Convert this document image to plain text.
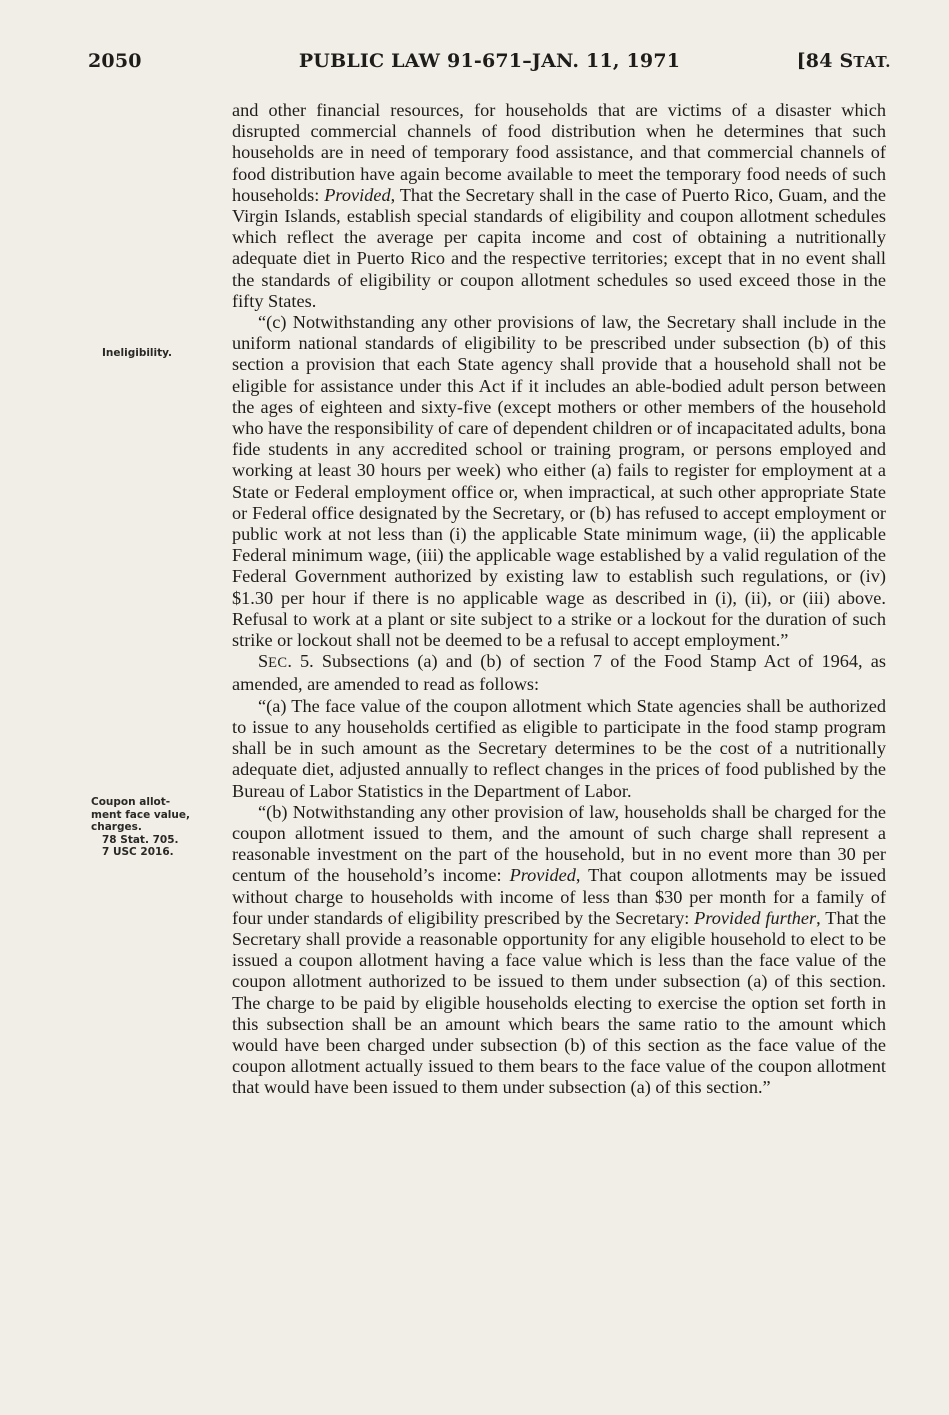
2050	PUBLIC LAW 91-671–JAN. 11, 1971	[84 STAT.
Ineligibility.
Coupon allot-
ment face value,
charges.
78 Stat. 705.
7 USC 2016.

and other financial resources, for households that are victims of a disaster which disrupted commercial channels of food distribution when he determines that such households are in need of temporary food assistance, and that commercial channels of food distribution have again become available to meet the temporary food needs of such households: Provided, That the Secretary shall in the case of Puerto Rico, Guam, and the Virgin Islands, establish special standards of eligibility and coupon allotment schedules which reflect the average per capita income and cost of obtaining a nutritionally adequate diet in Puerto Rico and the respective territories; except that in no event shall the standards of eligibility or coupon allotment schedules so used exceed those in the fifty States.

“(c) Notwithstanding any other provisions of law, the Secretary shall include in the uniform national standards of eligibility to be prescribed under subsection (b) of this section a provision that each State agency shall provide that a household shall not be eligible for assistance under this Act if it includes an able-bodied adult person between the ages of eighteen and sixty-five (except mothers or other members of the household who have the responsibility of care of dependent children or of incapacitated adults, bona fide students in any accredited school or training program, or persons employed and working at least 30 hours per week) who either (a) fails to register for employment at a State or Federal employment office or, when impractical, at such other appropriate State or Federal office designated by the Secretary, or (b) has refused to accept employment or public work at not less than (i) the applicable State minimum wage, (ii) the applicable Federal minimum wage, (iii) the applicable wage established by a valid regulation of the Federal Government authorized by existing law to establish such regulations, or (iv) $1.30 per hour if there is no applicable wage as described in (i), (ii), or (iii) above. Refusal to work at a plant or site subject to a strike or a lockout for the duration of such strike or lockout shall not be deemed to be a refusal to accept employment.”

SEC. 5. Subsections (a) and (b) of section 7 of the Food Stamp Act of 1964, as amended, are amended to read as follows:

“(a) The face value of the coupon allotment which State agencies shall be authorized to issue to any households certified as eligible to participate in the food stamp program shall be in such amount as the Secretary determines to be the cost of a nutritionally adequate diet, adjusted annually to reflect changes in the prices of food published by the Bureau of Labor Statistics in the Department of Labor.

“(b) Notwithstanding any other provision of law, households shall be charged for the coupon allotment issued to them, and the amount of such charge shall represent a reasonable investment on the part of the household, but in no event more than 30 per centum of the household’s income: Provided, That coupon allotments may be issued without charge to households with income of less than $30 per month for a family of four under standards of eligibility prescribed by the Secretary: Provided further, That the Secretary shall provide a reasonable opportunity for any eligible household to elect to be issued a coupon allotment having a face value which is less than the face value of the coupon allotment authorized to be issued to them under subsection (a) of this section. The charge to be paid by eligible households electing to exercise the option set forth in this subsection shall be an amount which bears the same ratio to the amount which would have been charged under subsection (b) of this section as the face value of the coupon allotment actually issued to them bears to the face value of the coupon allotment that would have been issued to them under subsection (a) of this section.”
